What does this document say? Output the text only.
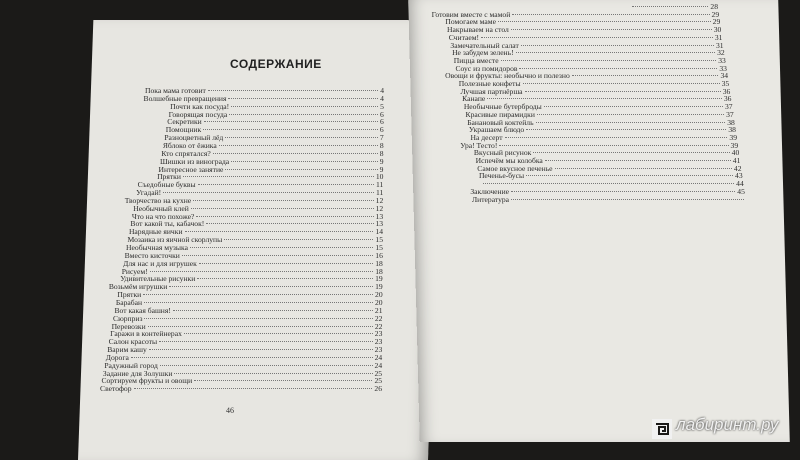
СОДЕРЖАНИЕ
Пока мама готовит	4
Волшебные превращения	4
Почти как посуда!	5
Говорящая посуда	6
Секретики	6
Помощник	6
Разноцветный лёд	7
Яблоко от ёжика	8
Кто спрятался?	8
Шишки из винограда	9
Интересное занятие	9
Прятки	10
Съедобные буквы	11
Угадай!	11
Творчество на кухне	12
Необычный клей	12
Что на что похоже?	13
Вот какой ты, кабачок!	13
Нарядные яички	14
Мозаика из яичной скорлупы	15
Необычная музыка	15
Вместо кисточки	16
Для нас и для игрушек	18
Рисуем!	18
Удивительные рисунки	19
Возьмём игрушки	19
Прятки	20
Барабан	20
Вот какая башня!	21
Сюрприз	22
Перевозки	22
Гаражи в контейнерах	23
Салон красоты	23
Варим кашу	23
Дорога	24
Радужный город	24
Задание для Золушки	25
Сортируем фрукты и овощи	25
Светофор	26
28
Готовим вместе с мамой	29
Помогаем маме	29
Накрываем на стол	30
Считаем!	31
Замечательный салат	31
Не забудем зелень!	32
Пицца вместе	33
Соус из помидоров	33
Овощи и фрукты: необычно и полезно	34
Полезные конфеты	35
Лучшая партнёрша	36
Канапе	36
Необычные бутерброды	37
Красивые пирамидки	37
Банановый коктейль	38
Украшаем блюдо	38
На десерт	39
Ура! Тесто!	39
Вкусный рисунок	40
Испечём мы колобка	41
Самое вкусное печенье	42
Печенье-бусы	43
44
Заключение	45
Литература
46
лабиринт.ру
